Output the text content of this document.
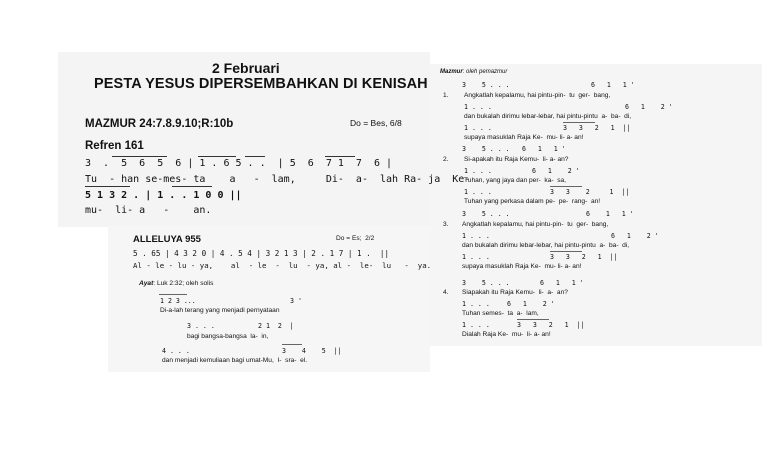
2 Februari
PESTA YESUS DIPERSEMBAHKAN DI KENISAH
MAZMUR 24:7.8.9.10;R:10b	Do = Bes, 6/8
Refren 161
3  .  5  6  5  6 | 1 . 6 5 . .  | 5  6  7 1  7  6 |
Tu  - han se-mes- ta    a   -  lam,     Di-  a-  lah Ra- ja  Ke-
5 1 3 2 . | 1 . . 1 0 0 ||
mu-  li- a   -    an.
ALLELUYA 955	Do = Es;  2/2
5 . 65 | 4 3 2 0 | 4 . 5 4 | 3 2 1 3 | 2 . 1 7 | 1 .  ||
Al - le - lu - ya,    al  - le  -  lu  - ya, al -  le-  lu   -  ya.
Ayat: Luk 2:32; oleh solis
1 2 3 ...	3 '
Di-a-lah terang yang menjadi pernyataan
3 . . .	2 1  2  |
bagi bangsa-bangsa  la-  in,
4 . . .	3    4    5  ||
dan menjadi kemuliaan bagi umat-Mu,  I-  sra-  el.
Mazmur: oleh pemazmur
3    5 . . .	6   1   1 '
1. Angkatlah kepalamu, hai pintu-pin-  tu  ger-  bang,
1 . . .	6   1    2 '
dan bukalah dirimu lebar-lebar, hai pintu-pintu  a-  ba-  di,
1 . . .	3   3   2   1  ||
supaya masuklah Raja Ke-  mu- li- a- an!
3    5 . . . 6   1   1 '
2. Si-apakah itu Raja Kemu-  li- a- an?
1 . . .	6   1    2 '
Tuhan, yang jaya dan per-  ka-  sa,
1 . . .	3   3    2     1  ||
Tuhan yang perkasa dalam pe-  pe-  rang-  an!
3    5 . . .	6    1   1 '
3. Angkatlah kepalamu, hai pintu-pin-  tu  ger-  bang,
1 . . .	6   1    2 '
dan bukalah dirimu lebar-lebar, hai pintu-pintu  a-  ba-  di,
1 . . .	3   3   2   1  ||
supaya masuklah Raja Ke-  mu- li- a- an!
3    5 . . .	6   1   1 '
4. Siapakah itu Raja Kemu-  li-  a-  an?
1 . . .	6   1    2 '
Tuhan semes-  ta  a-  lam,
1 . . .	3   3   2   1  ||
Dialah Raja Ke-  mu-  li- a- an!
